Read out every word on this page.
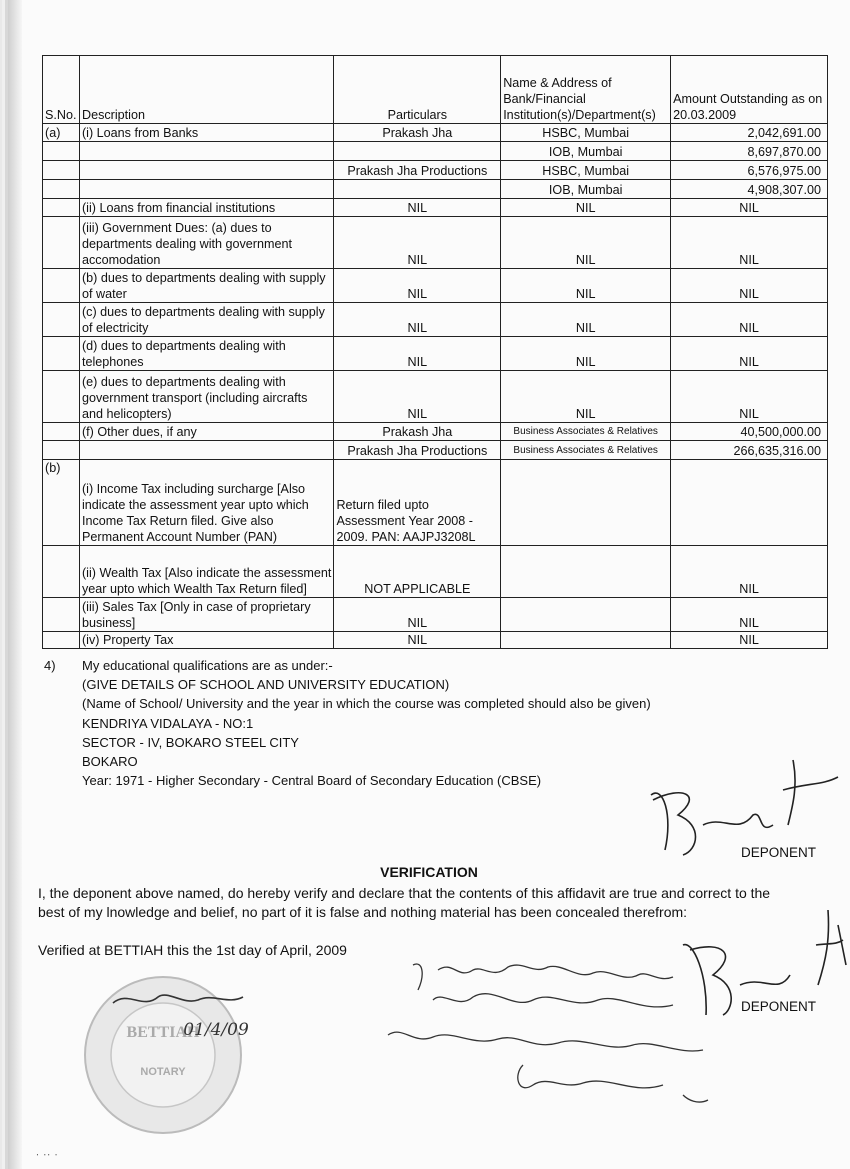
S.No.	Description	Particulars	Name & Address of Bank/Financial Institution(s)/Department(s)	Amount Outstanding as on 20.03.2009
(a)	(i) Loans from Banks	Prakash Jha	HSBC, Mumbai	2,042,691.00
			IOB, Mumbai	8,697,870.00
		Prakash Jha Productions	HSBC, Mumbai	6,576,975.00
			IOB, Mumbai	4,908,307.00
	(ii) Loans from financial institutions	NIL	NIL	NIL
	(iii) Government Dues: (a) dues to departments dealing with government accomodation	NIL	NIL	NIL
	(b) dues to departments dealing with supply of water	NIL	NIL	NIL
	(c) dues to departments dealing with supply of electricity	NIL	NIL	NIL
	(d) dues to departments dealing with telephones	NIL	NIL	NIL
	(e) dues to departments dealing with government transport (including aircrafts and helicopters)	NIL	NIL	NIL
	(f) Other dues, if any	Prakash Jha	Business Associates & Relatives	40,500,000.00
		Prakash Jha Productions	Business Associates & Relatives	266,635,316.00
(b)	(i) Income Tax including surcharge [Also indicate the assessment year upto which Income Tax Return filed. Give also Permanent Account Number (PAN)	Return filed upto Assessment Year 2008 - 2009. PAN: AAJPJ3208L		
	(ii) Wealth Tax [Also indicate the assessment year upto which Wealth Tax Return filed]	NOT APPLICABLE		NIL
	(iii) Sales Tax [Only in case of proprietary business]	NIL		NIL
	(iv) Property Tax	NIL		NIL
4) My educational qualifications are as under:-
(GIVE DETAILS OF SCHOOL AND UNIVERSITY EDUCATION)
(Name of School/ University and the year in which the course was completed should also be given)
KENDRIYA VIDALAYA - NO:1
SECTOR - IV, BOKARO STEEL CITY
BOKARO
Year: 1971 - Higher Secondary - Central Board of Secondary Education (CBSE)
DEPONENT
VERIFICATION
I, the deponent above named, do hereby verify and declare that the contents of this affidavit are true and correct to the best of my lnowledge and belief, no part of it is false and nothing material has been concealed therefrom:
Verified at BETTIAH this the 1st day of April, 2009
DEPONENT
BETTIAH
NOTARY
01/4/09
‧ ‧‧ ‧
